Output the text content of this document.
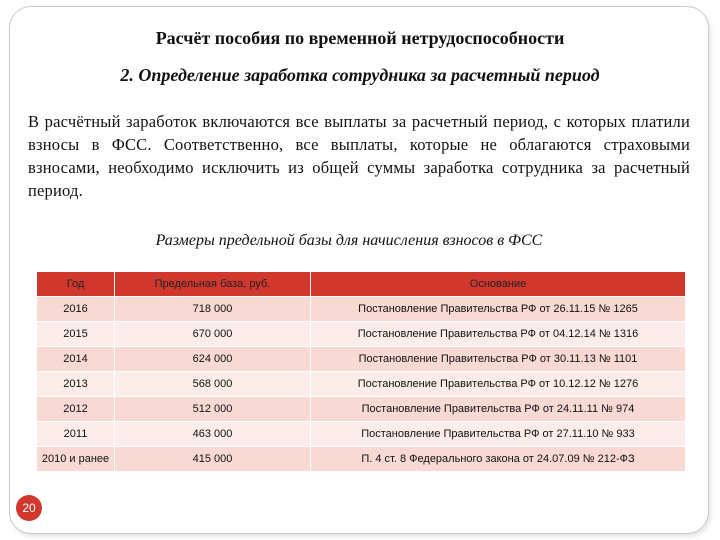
Расчёт пособия по временной нетрудоспособности
2. Определение заработка сотрудника за расчетный период
В расчётный заработок включаются все выплаты за расчетный период, с которых платили взносы в ФСС. Соответственно, все выплаты, которые не облагаются страховыми взносами, необходимо исключить из общей суммы заработка сотрудника за расчетный период.
Размеры предельной базы для начисления взносов в ФСС
Год	Предельная база, руб.	Основание
2016	718 000	Постановление Правительства РФ от 26.11.15 № 1265
2015	670 000	Постановление Правительства РФ от 04.12.14 № 1316
2014	624 000	Постановление Правительства РФ от 30.11.13 № 1101
2013	568 000	Постановление Правительства РФ от 10.12.12 № 1276
2012	512 000	Постановление Правительства РФ от 24.11.11 № 974
2011	463 000	Постановление Правительства РФ от 27.11.10 № 933
2010 и ранее	415 000	П. 4 ст. 8 Федерального закона от 24.07.09 № 212-ФЗ
20
